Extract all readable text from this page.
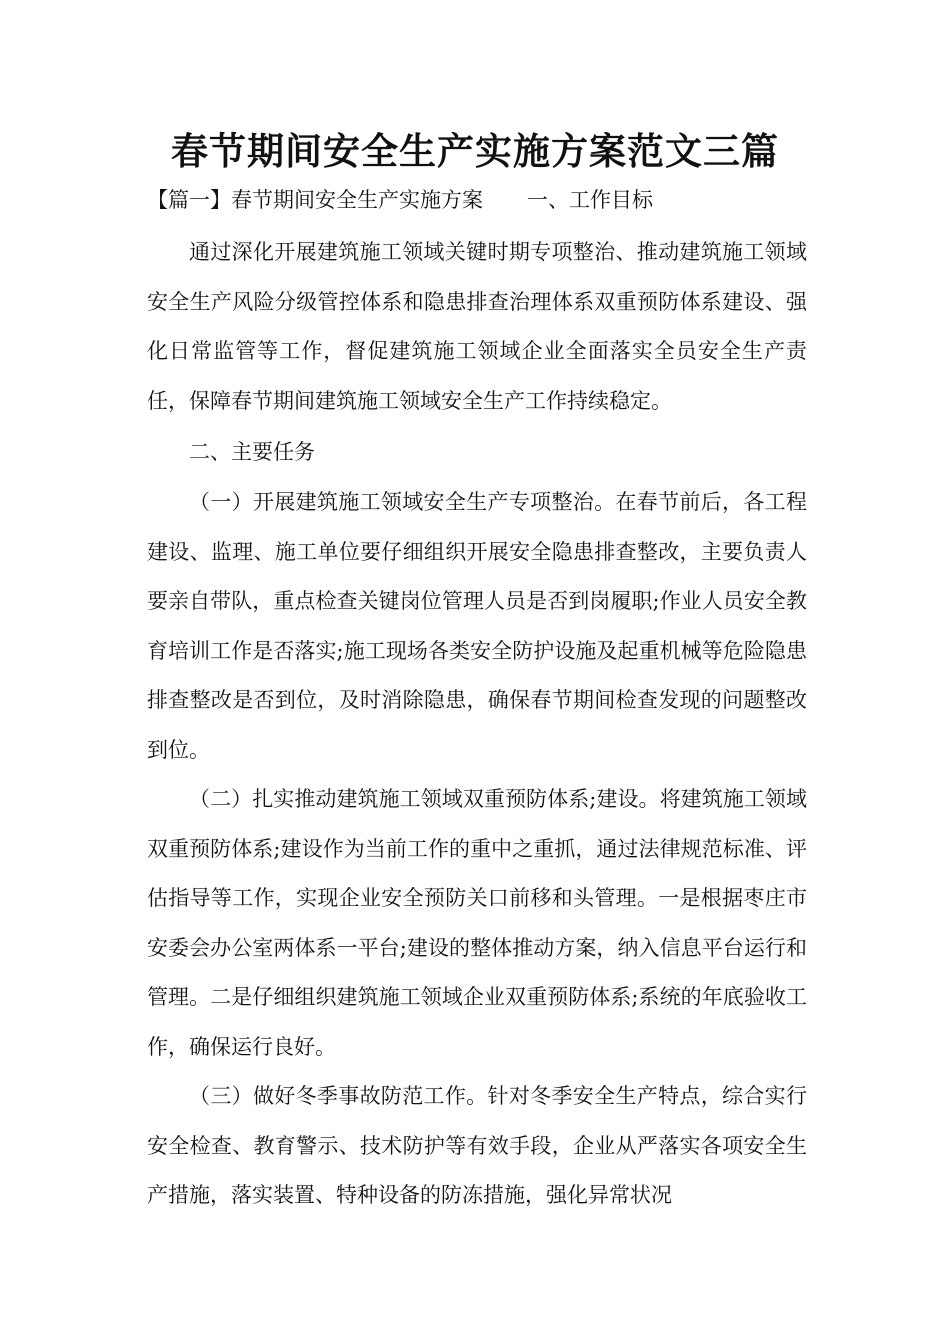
春节期间安全生产实施方案范文三篇

【篇一】春节期间安全生产实施方案 一、工作目标

通过深化开展建筑施工领域关键时期专项整治、推动建筑施工领域安全生产风险分级管控体系和隐患排查治理体系双重预防体系建设、强化日常监管等工作，督促建筑施工领域企业全面落实全员安全生产责任，保障春节期间建筑施工领域安全生产工作持续稳定。

二、主要任务

（一）开展建筑施工领域安全生产专项整治。在春节前后，各工程建设、监理、施工单位要仔细组织开展安全隐患排查整改，主要负责人要亲自带队，重点检查关键岗位管理人员是否到岗履职;作业人员安全教育培训工作是否落实;施工现场各类安全防护设施及起重机械等危险隐患排查整改是否到位，及时消除隐患，确保春节期间检查发现的问题整改到位。

（二）扎实推动建筑施工领域双重预防体系;建设。将建筑施工领域双重预防体系;建设作为当前工作的重中之重抓，通过法律规范标准、评估指导等工作，实现企业安全预防关口前移和头管理。一是根据枣庄市安委会办公室两体系一平台;建设的整体推动方案，纳入信息平台运行和管理。二是仔细组织建筑施工领域企业双重预防体系;系统的年底验收工作，确保运行良好。

（三）做好冬季事故防范工作。针对冬季安全生产特点，综合实行安全检查、教育警示、技术防护等有效手段，企业从严落实各项安全生产措施，落实装置、特种设备的防冻措施，强化异常状况
